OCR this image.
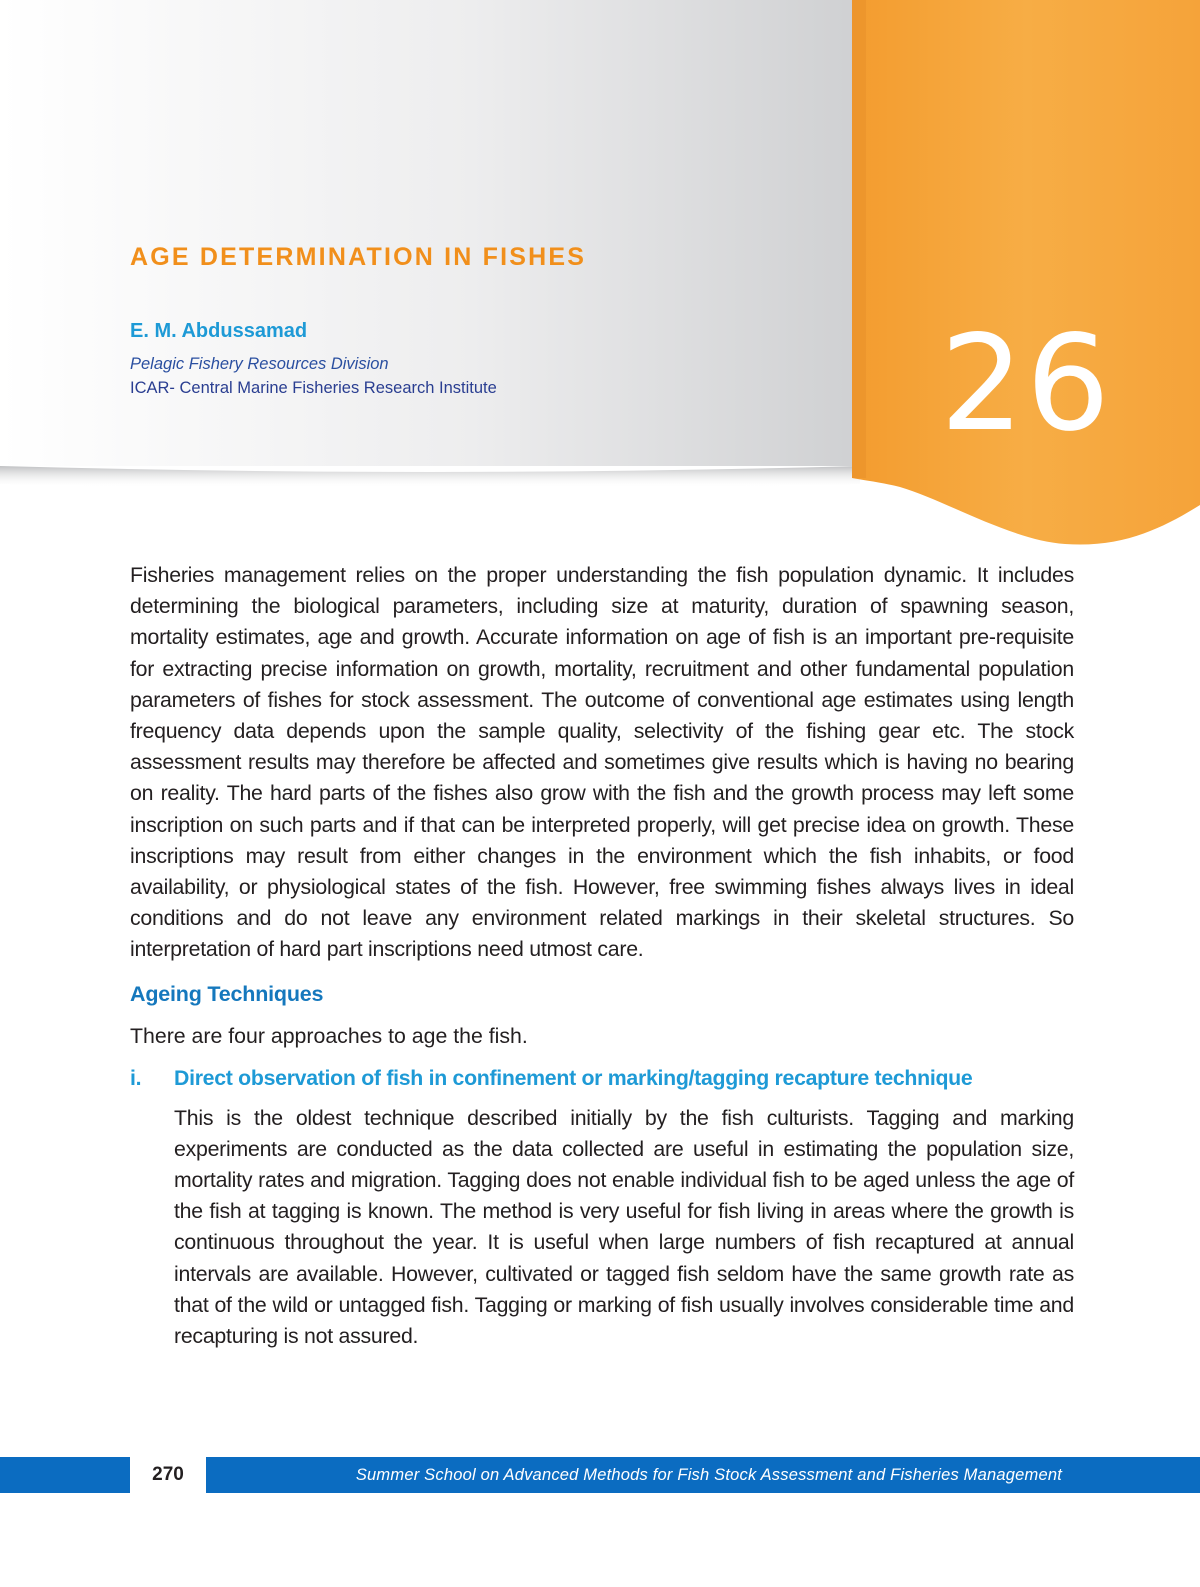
26
AGE DETERMINATION IN FISHES
E. M. Abdussamad
Pelagic Fishery Resources Division
ICAR- Central Marine Fisheries Research Institute

Fisheries management relies on the proper understanding the fish population dynamic. It includes determining the biological parameters, including size at maturity, duration of spawning season, mortality estimates, age and growth. Accurate information on age of fish is an important pre-requisite for extracting precise information on growth, mortality, recruitment and other fundamental population parameters of fishes for stock assessment. The outcome of conventional age estimates using length frequency data depends upon the sample quality, selectivity of the fishing gear etc. The stock assessment results may therefore be affected and sometimes give results which is having no bearing on reality. The hard parts of the fishes also grow with the fish and the growth process may left some inscription on such parts and if that can be interpreted properly, will get precise idea on growth. These inscriptions may result from either changes in the environment which the fish inhabits, or food availability, or physiological states of the fish. However, free swimming fishes always lives in ideal conditions and do not leave any environment related markings in their skeletal structures. So interpretation of hard part inscriptions need utmost care.

Ageing Techniques

There are four approaches to age the fish.

i.	Direct observation of fish in confinement or marking/tagging recapture technique

This is the oldest technique described initially by the fish culturists. Tagging and marking experiments are conducted as the data collected are useful in estimating the population size, mortality rates and migration. Tagging does not enable individual fish to be aged unless the age of the fish at tagging is known. The method is very useful for fish living in areas where the growth is continuous throughout the year. It is useful when large numbers of fish recaptured at annual intervals are available. However, cultivated or tagged fish seldom have the same growth rate as that of the wild or untagged fish. Tagging or marking of fish usually involves considerable time and recapturing is not assured.

270	Summer School on Advanced Methods for Fish Stock Assessment and Fisheries Management
